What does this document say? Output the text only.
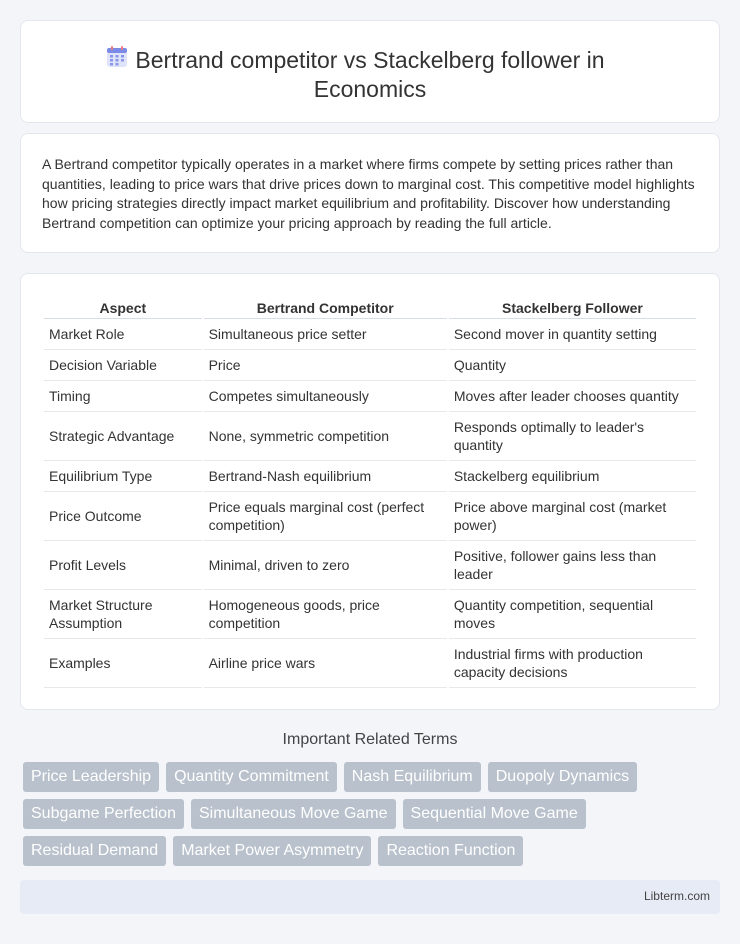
Bertrand competitor vs Stackelberg follower in Economics

A Bertrand competitor typically operates in a market where firms compete by setting prices rather than quantities, leading to price wars that drive prices down to marginal cost. This competitive model highlights how pricing strategies directly impact market equilibrium and profitability. Discover how understanding Bertrand competition can optimize your pricing approach by reading the full article.

Aspect	Bertrand Competitor	Stackelberg Follower
Market Role	Simultaneous price setter	Second mover in quantity setting
Decision Variable	Price	Quantity
Timing	Competes simultaneously	Moves after leader chooses quantity
Strategic Advantage	None, symmetric competition	Responds optimally to leader's quantity
Equilibrium Type	Bertrand-Nash equilibrium	Stackelberg equilibrium
Price Outcome	Price equals marginal cost (perfect competition)	Price above marginal cost (market power)
Profit Levels	Minimal, driven to zero	Positive, follower gains less than leader
Market Structure Assumption	Homogeneous goods, price competition	Quantity competition, sequential moves
Examples	Airline price wars	Industrial firms with production capacity decisions
Important Related Terms
Price Leadership	Quantity Commitment	Nash Equilibrium	Duopoly Dynamics
Subgame Perfection	Simultaneous Move Game	Sequential Move Game
Residual Demand	Market Power Asymmetry	Reaction Function
Libterm.com
